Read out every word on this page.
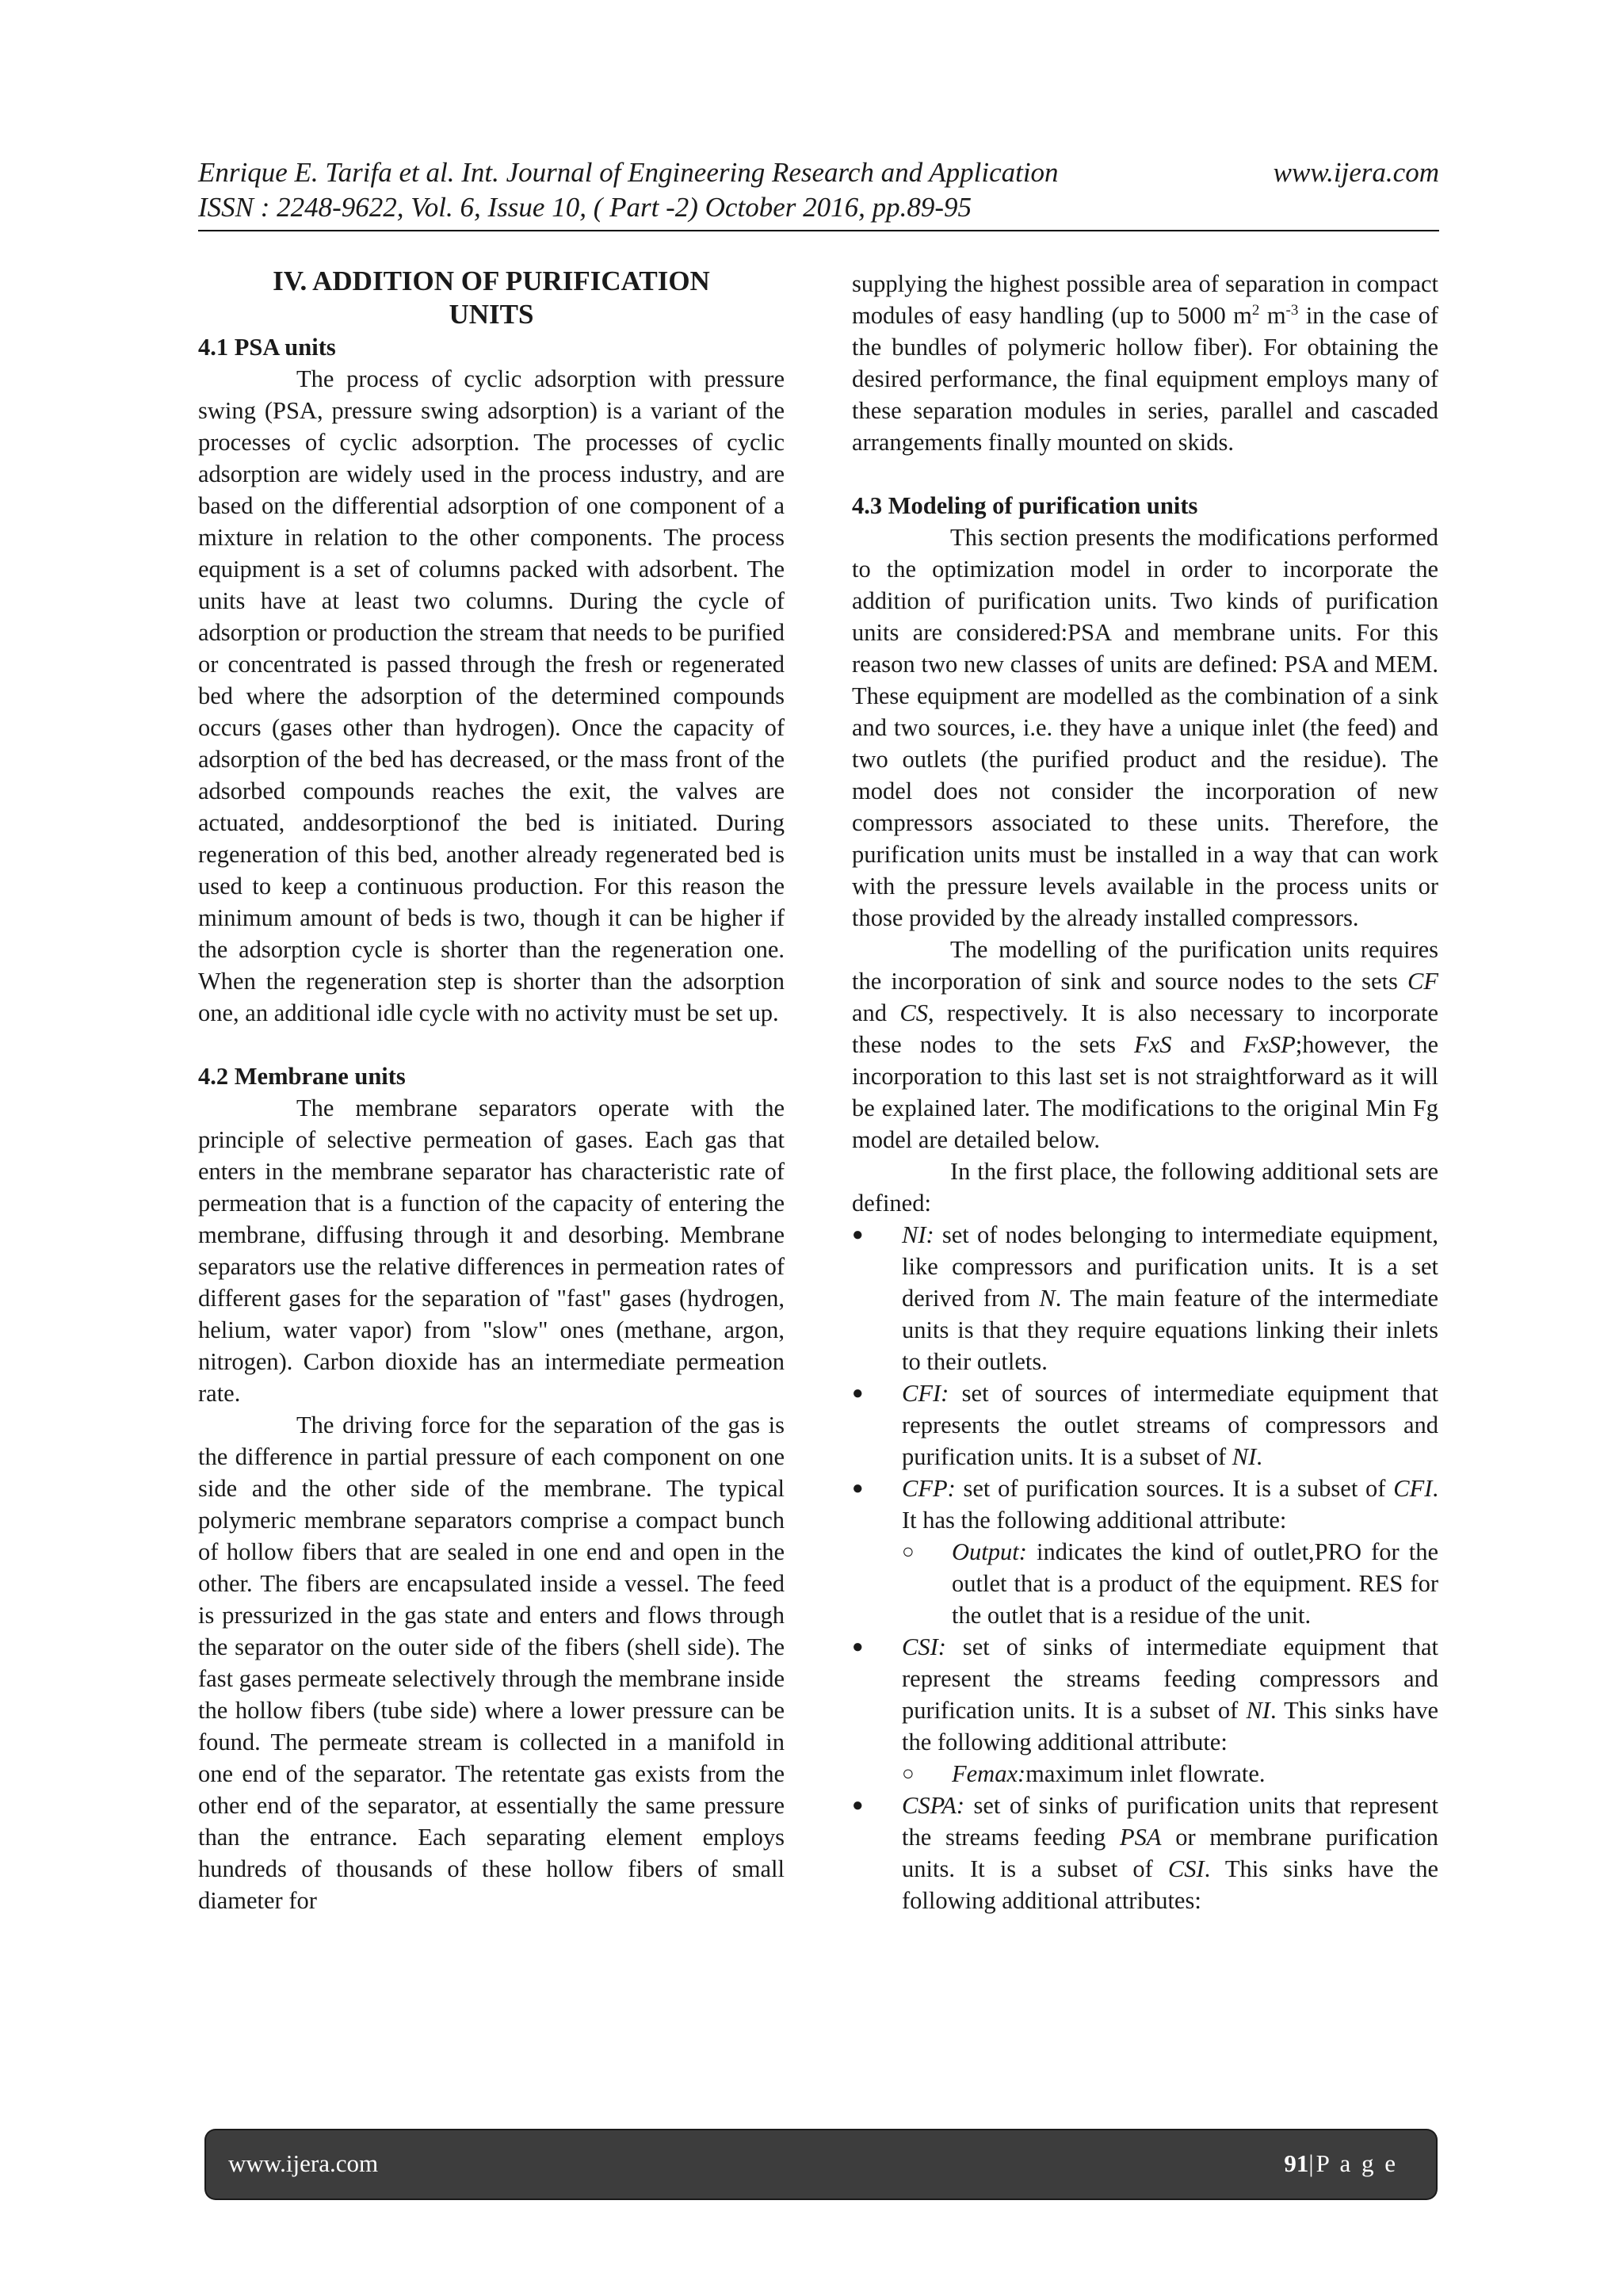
Enrique E. Tarifa et al. Int. Journal of Engineering Research and Application	www.ijera.com
ISSN : 2248-9622, Vol. 6, Issue 10, ( Part -2) October 2016, pp.89-95

IV. ADDITION OF PURIFICATION
UNITS

4.1 PSA units

The process of cyclic adsorption with pressure swing (PSA, pressure swing adsorption) is a variant of the processes of cyclic adsorption. The processes of cyclic adsorption are widely used in the process industry, and are based on the differential adsorption of one component of a mixture in relation to the other components. The process equipment is a set of columns packed with adsorbent. The units have at least two columns. During the cycle of adsorption or production the stream that needs to be purified or concentrated is passed through the fresh or regenerated bed where the adsorption of the determined compounds occurs (gases other than hydrogen). Once the capacity of adsorption of the bed has decreased, or the mass front of the adsorbed compounds reaches the exit, the valves are actuated, anddesorptionof the bed is initiated. During regeneration of this bed, another already regenerated bed is used to keep a continuous production. For this reason the minimum amount of beds is two, though it can be higher if the adsorption cycle is shorter than the regeneration one. When the regeneration step is shorter than the adsorption one, an additional idle cycle with no activity must be set up.

4.2 Membrane units

The membrane separators operate with the principle of selective permeation of gases. Each gas that enters in the membrane separator has characteristic rate of permeation that is a function of the capacity of entering the membrane, diffusing through it and desorbing. Membrane separators use the relative differences in permeation rates of different gases for the separation of "fast" gases (hydrogen, helium, water vapor) from "slow" ones (methane, argon, nitrogen). Carbon dioxide has an intermediate permeation rate.

The driving force for the separation of the gas is the difference in partial pressure of each component on one side and the other side of the membrane. The typical polymeric membrane separators comprise a compact bunch of hollow fibers that are sealed in one end and open in the other. The fibers are encapsulated inside a vessel. The feed is pressurized in the gas state and enters and flows through the separator on the outer side of the fibers (shell side). The fast gases permeate selectively through the membrane inside the hollow fibers (tube side) where a lower pressure can be found. The permeate stream is collected in a manifold in one end of the separator. The retentate gas exists from the other end of the separator, at essentially the same pressure than the entrance. Each separating element employs hundreds of thousands of these hollow fibers of small diameter for

supplying the highest possible area of separation in compact modules of easy handling (up to 5000 $m^2$ $m^{-3}$ in the case of the bundles of polymeric hollow fiber). For obtaining the desired performance, the final equipment employs many of these separation modules in series, parallel and cascaded arrangements finally mounted on skids.

4.3 Modeling of purification units

This section presents the modifications performed to the optimization model in order to incorporate the addition of purification units. Two kinds of purification units are considered:PSA and membrane units. For this reason two new classes of units are defined: PSA and MEM. These equipment are modelled as the combination of a sink and two sources, i.e. they have a unique inlet (the feed) and two outlets (the purified product and the residue). The model does not consider the incorporation of new compressors associated to these units. Therefore, the purification units must be installed in a way that can work with the pressure levels available in the process units or those provided by the already installed compressors.

The modelling of the purification units requires the incorporation of sink and source nodes to the sets CF and CS, respectively. It is also necessary to incorporate these nodes to the sets FxS and FxSP;however, the incorporation to this last set is not straightforward as it will be explained later. The modifications to the original Min Fg model are detailed below.

In the first place, the following additional sets are defined:

● NI: set of nodes belonging to intermediate equipment, like compressors and purification units. It is a set derived from N. The main feature of the intermediate units is that they require equations linking their inlets to their outlets.
● CFI: set of sources of intermediate equipment that represents the outlet streams of compressors and purification units. It is a subset of NI.
● CFP: set of purification sources. It is a subset of CFI. It has the following additional attribute:
○ Output: indicates the kind of outlet,PRO for the outlet that is a product of the equipment. RES for the outlet that is a residue of the unit.
● CSI: set of sinks of intermediate equipment that represent the streams feeding compressors and purification units. It is a subset of NI. This sinks have the following additional attribute:
○ Femax:maximum inlet flowrate.
● CSPA: set of sinks of purification units that represent the streams feeding PSA or membrane purification units. It is a subset of CSI. This sinks have the following additional attributes:
www.ijera.com	91|P a g e
